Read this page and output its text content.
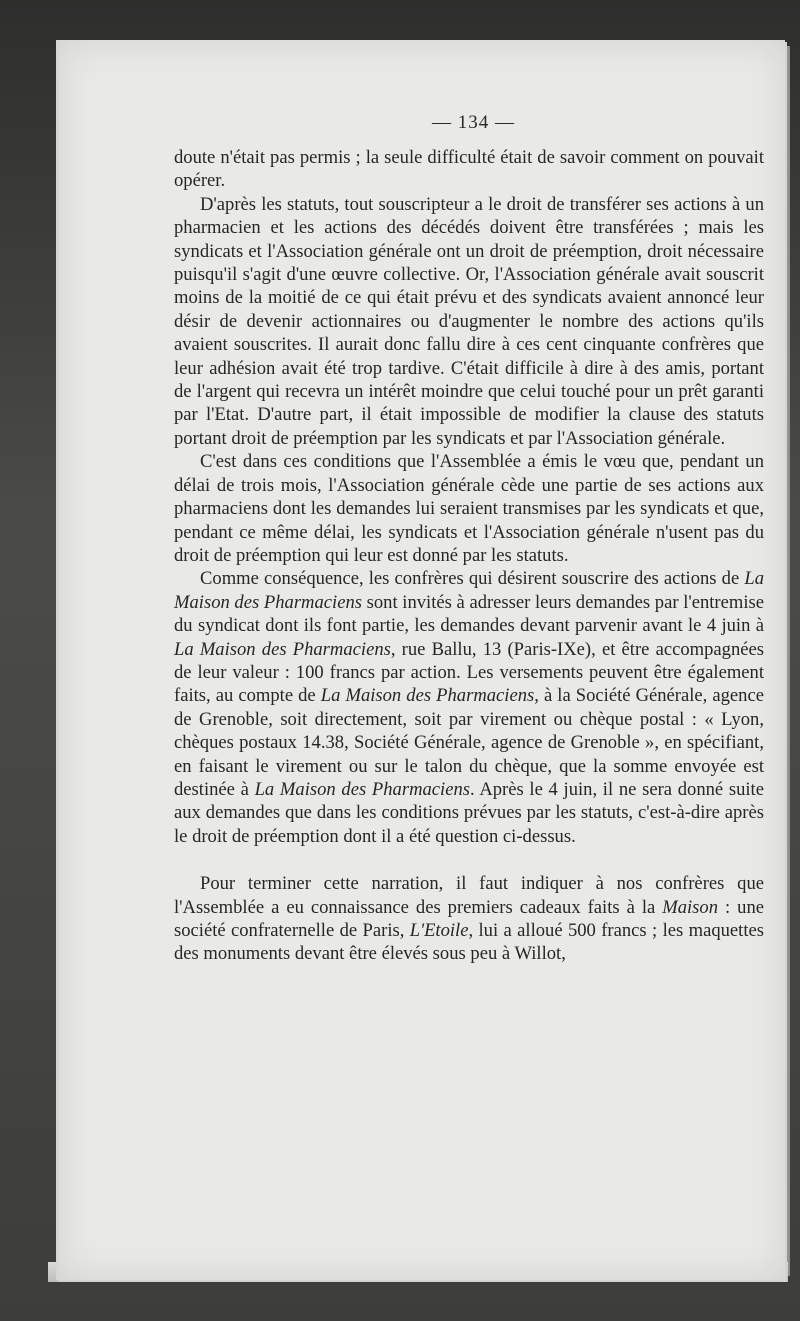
— 134 —

doute n'était pas permis ; la seule difficulté était de savoir comment on pouvait opérer.

D'après les statuts, tout souscripteur a le droit de transférer ses actions à un pharmacien et les actions des décédés doivent être transférées ; mais les syndicats et l'Association générale ont un droit de préemption, droit nécessaire puisqu'il s'agit d'une œuvre collective. Or, l'Association générale avait souscrit moins de la moitié de ce qui était prévu et des syndicats avaient annoncé leur désir de devenir actionnaires ou d'augmenter le nombre des actions qu'ils avaient souscrites. Il aurait donc fallu dire à ces cent cinquante confrères que leur adhésion avait été trop tardive. C'était difficile à dire à des amis, portant de l'argent qui recevra un intérêt moindre que celui touché pour un prêt garanti par l'Etat. D'autre part, il était impossible de modifier la clause des statuts portant droit de préemption par les syndicats et par l'Association générale.

C'est dans ces conditions que l'Assemblée a émis le vœu que, pendant un délai de trois mois, l'Association générale cède une partie de ses actions aux pharmaciens dont les demandes lui seraient transmises par les syndicats et que, pendant ce même délai, les syndicats et l'Association générale n'usent pas du droit de préemption qui leur est donné par les statuts.

Comme conséquence, les confrères qui désirent souscrire des actions de La Maison des Pharmaciens sont invités à adresser leurs demandes par l'entremise du syndicat dont ils font partie, les demandes devant parvenir avant le 4 juin à La Maison des Pharmaciens, rue Ballu, 13 (Paris-IXe), et être accompagnées de leur valeur : 100 francs par action. Les versements peuvent être également faits, au compte de La Maison des Pharmaciens, à la Société Générale, agence de Grenoble, soit directement, soit par virement ou chèque postal : « Lyon, chèques postaux 14.38, Société Générale, agence de Grenoble », en spécifiant, en faisant le virement ou sur le talon du chèque, que la somme envoyée est destinée à La Maison des Pharmaciens. Après le 4 juin, il ne sera donné suite aux demandes que dans les conditions prévues par les statuts, c'est-à-dire après le droit de préemption dont il a été question ci-dessus.

Pour terminer cette narration, il faut indiquer à nos confrères que l'Assemblée a eu connaissance des premiers cadeaux faits à la Maison : une société confraternelle de Paris, L'Etoile, lui a alloué 500 francs ; les maquettes des monuments devant être élevés sous peu à Willot,
